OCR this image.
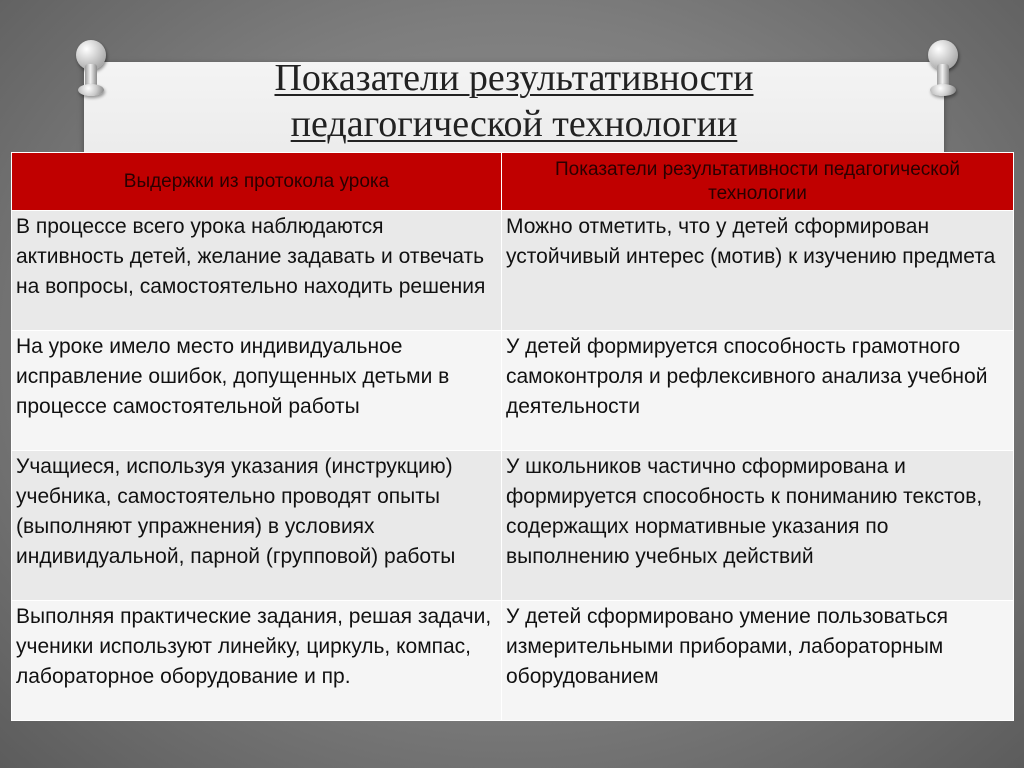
Показатели результативности
педагогической технологии
Выдержки из протокола урока	Показатели результативности педагогической технологии
В процессе всего урока наблюдаются активность детей, желание задавать и отвечать на вопросы, самостоятельно находить решения	Можно отметить, что у детей сформирован устойчивый интерес (мотив) к изучению предмета
На уроке имело место индивидуальное исправление ошибок, допущенных детьми в процессе самостоятельной работы	У детей формируется способность грамотного самоконтроля и рефлексивного анализа учебной деятельности
Учащиеся, используя указания (инструкцию) учебника, самостоятельно проводят опыты (выполняют упражнения) в условиях индивидуальной, парной (групповой) работы	У школьников частично сформирована и формируется способность к пониманию текстов, содержащих нормативные указания по выполнению учебных действий
Выполняя практические задания, решая задачи, ученики используют линейку, циркуль, компас, лабораторное оборудование и пр.	У детей сформировано умение пользоваться измерительными приборами, лабораторным оборудованием
